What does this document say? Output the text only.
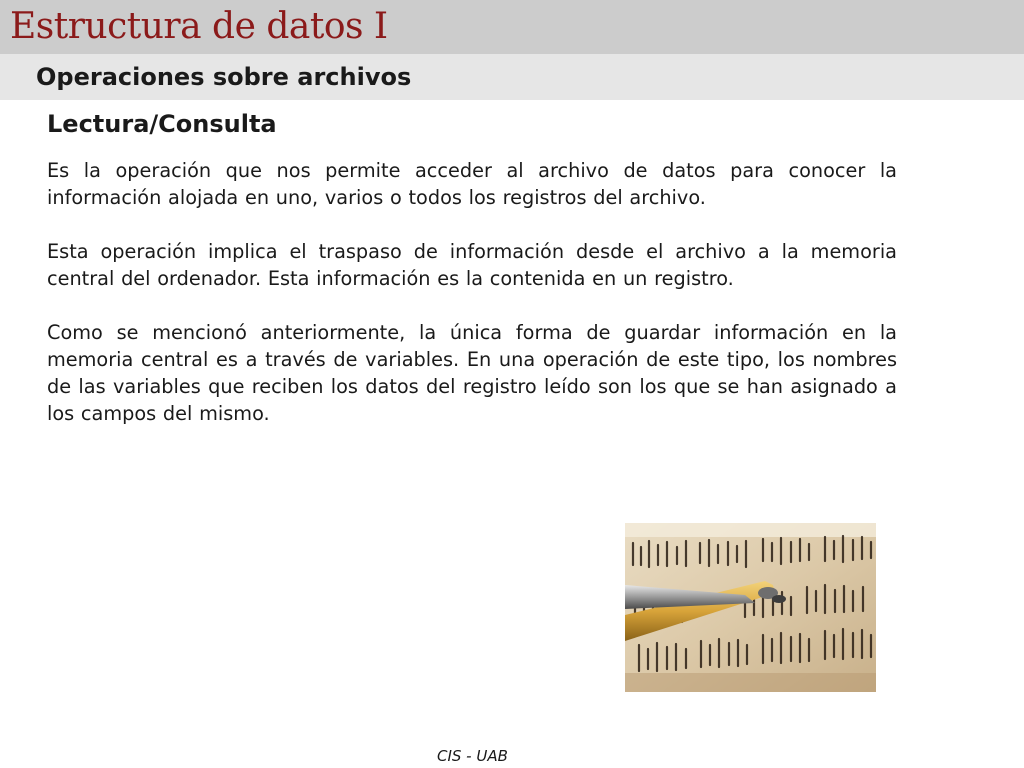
Estructura de datos I
Operaciones sobre archivos
Lectura/Consulta

Es la operación que nos permite acceder al archivo de datos para conocer la información alojada en uno, varios o todos los registros del archivo.

Esta operación implica el traspaso de información desde el archivo a la memoria central del ordenador. Esta información es la contenida en un registro.

Como se mencionó anteriormente, la única forma de guardar información en la memoria central es a través de variables. En una operación de este tipo, los nombres de las variables que reciben los datos del registro leído son los que se han asignado a los campos del mismo.

CIS - UAB
